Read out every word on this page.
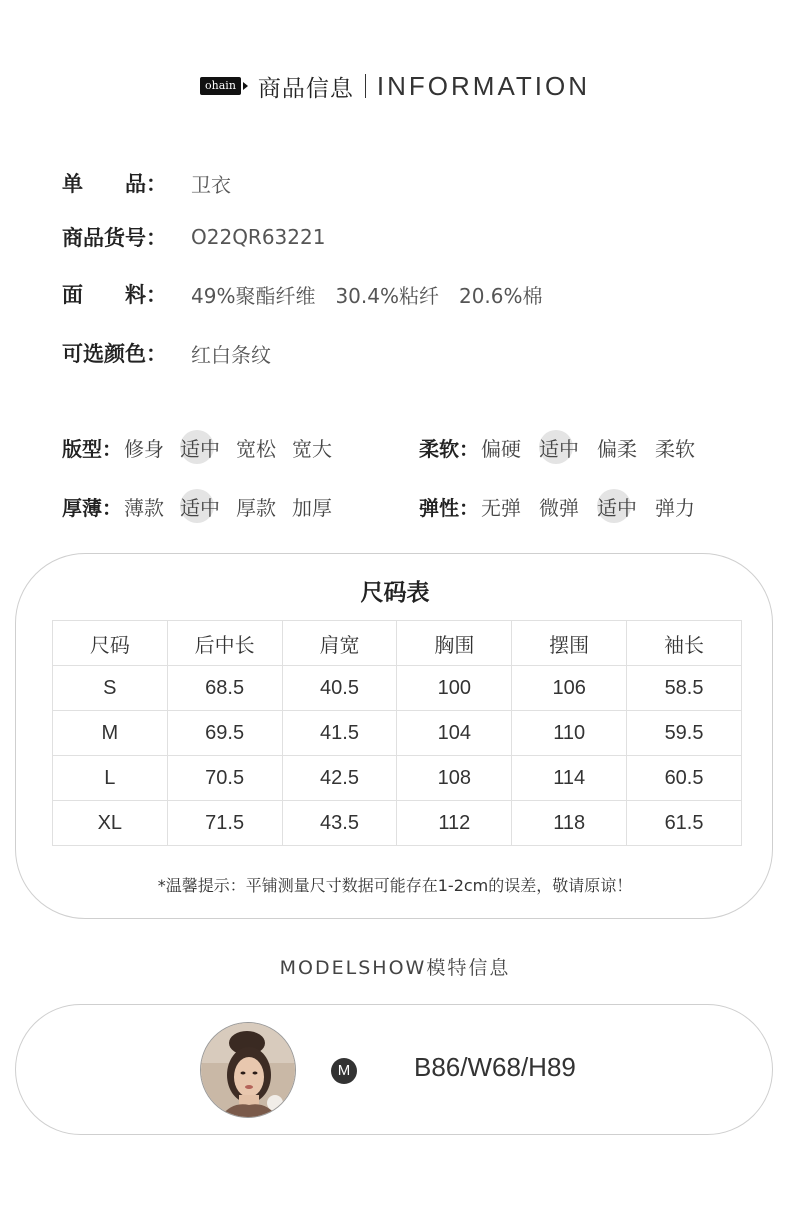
ohain 商品信息 INFORMATION
单　　品：	卫衣
商品货号：	O22QR63221
面　　料：	49%聚酯纤维　30.4%粘纤　20.6%棉
可选颜色：	红白条纹
版型： 修身 适中 宽松 宽大
厚薄： 薄款 适中 厚款 加厚
柔软： 偏硬 适中 偏柔 柔软
弹性： 无弹 微弹 适中 弹力
尺码表
尺码	后中长	肩宽	胸围	摆围	袖长
S	68.5	40.5	100	106	58.5
M	69.5	41.5	104	110	59.5
L	70.5	42.5	108	114	60.5
XL	71.5	43.5	112	118	61.5
*温馨提示：平铺测量尺寸数据可能存在1-2cm的误差，敬请原谅！
MODELSHOW模特信息
M B86/W68/H89
